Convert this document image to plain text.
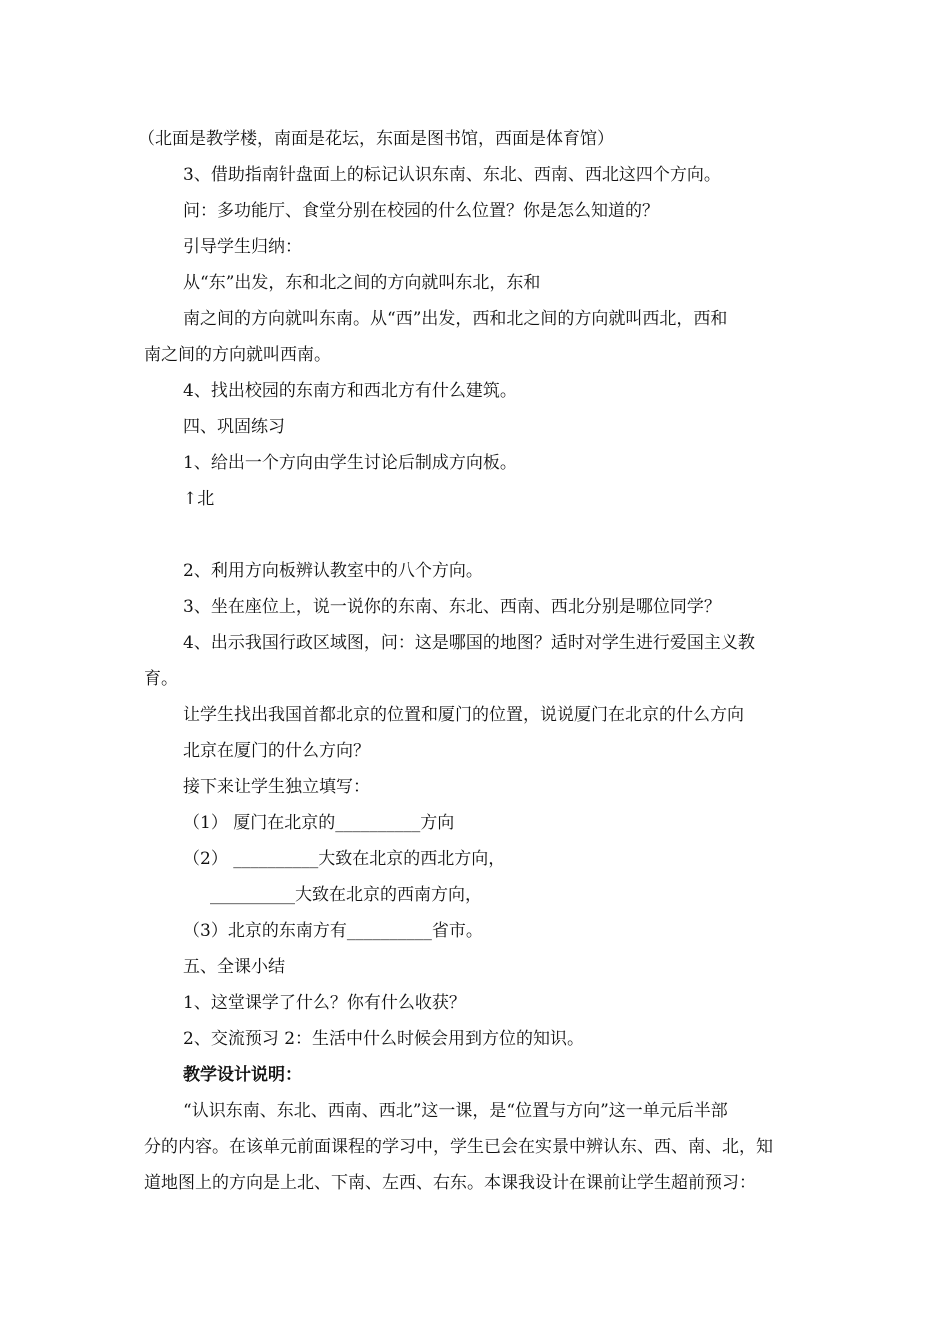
（北面是教学楼，南面是花坛，东面是图书馆，西面是体育馆）
3、借助指南针盘面上的标记认识东南、东北、西南、西北这四个方向。
问：多功能厅、食堂分别在校园的什么位置？你是怎么知道的？
引导学生归纳：
从“东”出发，东和北之间的方向就叫东北，东和
南之间的方向就叫东南。从“西”出发，西和北之间的方向就叫西北，西和
南之间的方向就叫西南。
4、找出校园的东南方和西北方有什么建筑。
四、巩固练习
1、给出一个方向由学生讨论后制成方向板。
↑北
2、利用方向板辨认教室中的八个方向。
3、坐在座位上，说一说你的东南、东北、西南、西北分别是哪位同学？
4、出示我国行政区域图，问：这是哪国的地图？适时对学生进行爱国主义教
育。
让学生找出我国首都北京的位置和厦门的位置，说说厦门在北京的什么方向
北京在厦门的什么方向？
接下来让学生独立填写：
（1） 厦门在北京的__________方向
（2） __________大致在北京的西北方向，
__________大致在北京的西南方向，
（3）北京的东南方有__________省市。
五、全课小结
1、这堂课学了什么？你有什么收获？
2、交流预习 2：生活中什么时候会用到方位的知识。
教学设计说明：
“认识东南、东北、西南、西北”这一课，是“位置与方向”这一单元后半部
分的内容。在该单元前面课程的学习中，学生已会在实景中辨认东、西、南、北，知
道地图上的方向是上北、下南、左西、右东。本课我设计在课前让学生超前预习：
